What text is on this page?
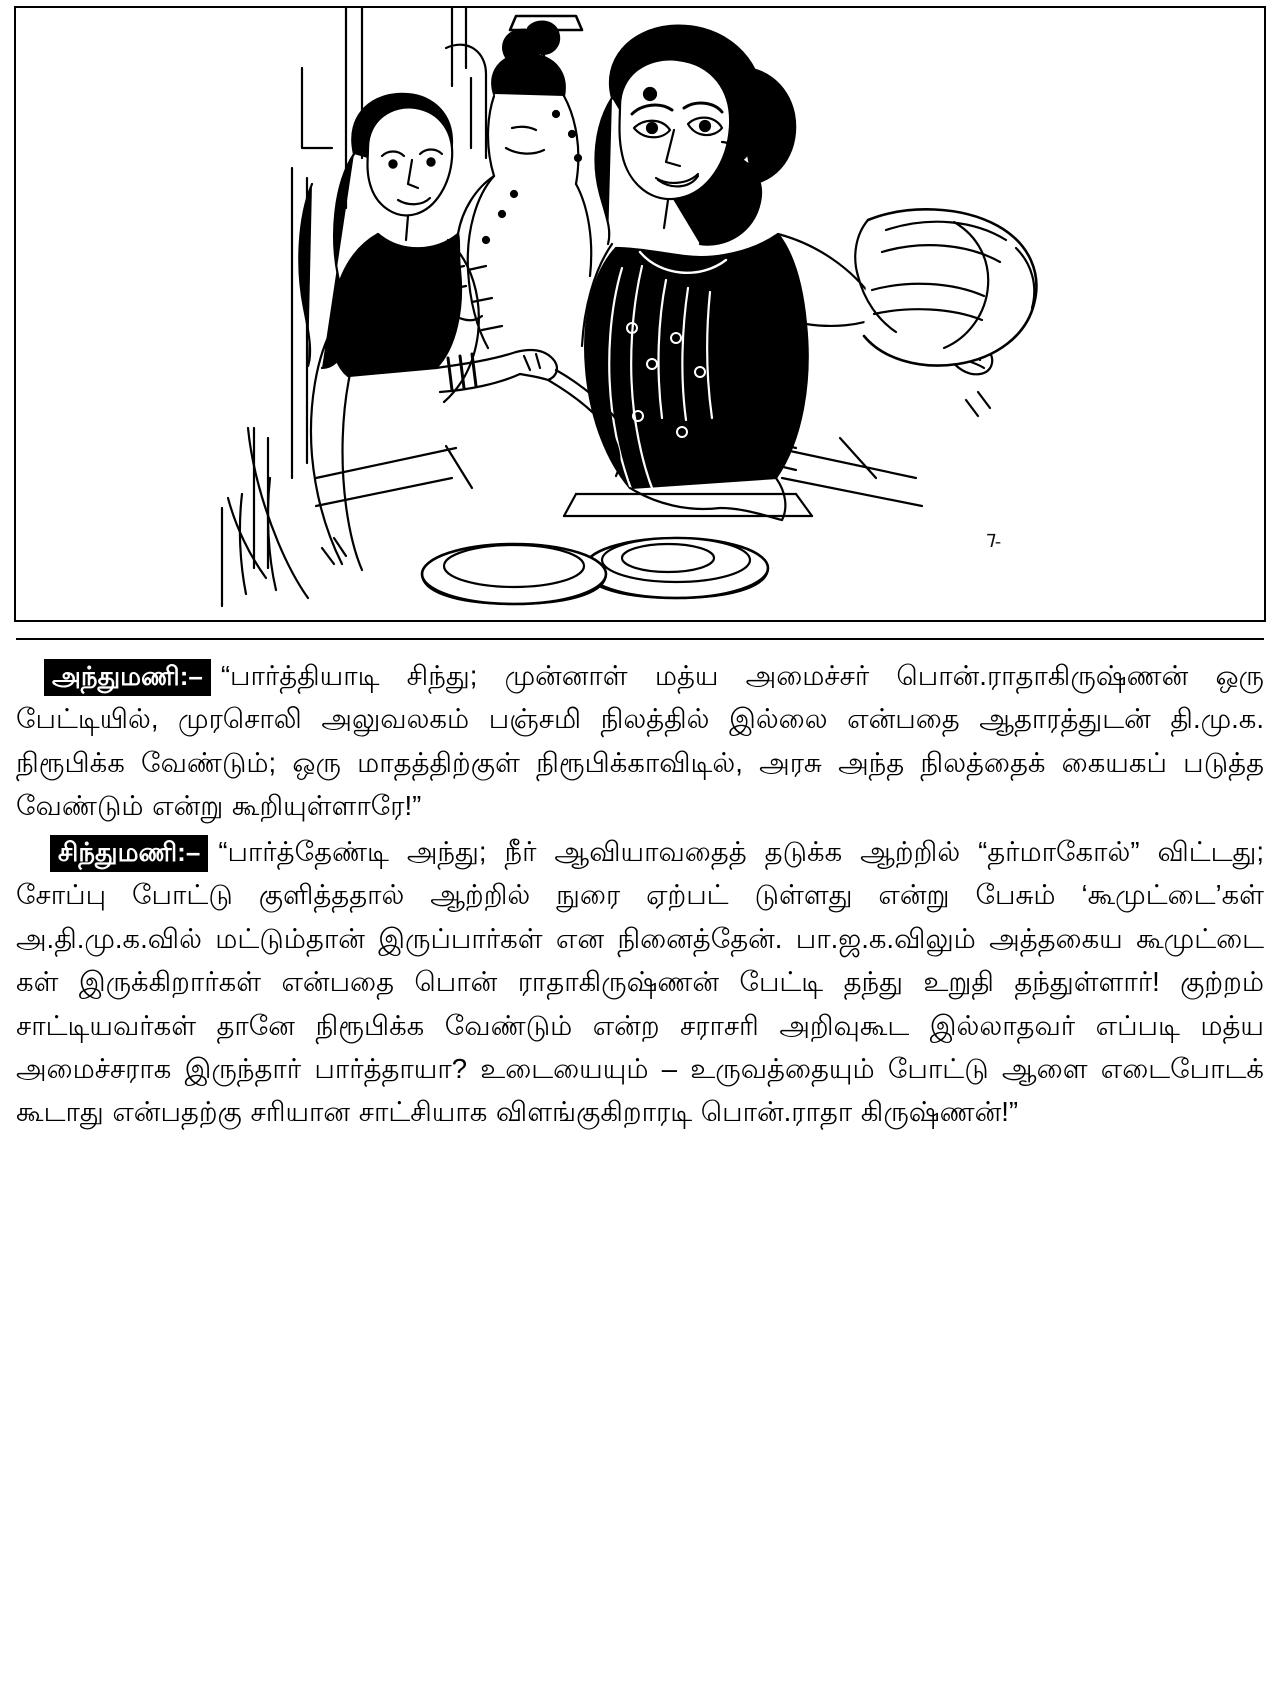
ᒣ-

அந்துமணி:– “பார்த்தியாடி சிந்து; முன்னாள் மத்ய அமைச்சர் பொன்.ராதாகிருஷ்ணன் ஒரு பேட்டியில், முரசொலி அலுவலகம் பஞ்சமி நிலத்தில் இல்லை என்பதை ஆதாரத்துடன் தி.மு.க. நிரூபிக்க வேண்டும்; ஒரு மாதத்திற்குள் நிரூபிக்காவிடில், அரசு அந்த நிலத்தைக் கையகப் படுத்த வேண்டும் என்று கூறியுள்ளாரே!”

சிந்துமணி:– “பார்த்தேண்டி அந்து; நீர் ஆவியாவதைத் தடுக்க ஆற்றில் “தர்மாகோல்” விட்டது; சோப்பு போட்டு குளித்ததால் ஆற்றில் நுரை ஏற்பட் டுள்ளது என்று பேசும் ‘கூமுட்டை’கள் அ.தி.மு.க.வில் மட்டும்தான் இருப்பார்கள் என நினைத்தேன். பா.ஜ.க.விலும் அத்தகைய கூமுட்டை கள் இருக்கிறார்கள் என்பதை பொன் ராதாகிருஷ்ணன் பேட்டி தந்து உறுதி தந்துள்ளார்! குற்றம் சாட்டியவர்கள் தானே நிரூபிக்க வேண்டும் என்ற சராசரி அறிவுகூட இல்லாதவர் எப்படி மத்ய அமைச்சராக இருந்தார் பார்த்தாயா? உடையையும் – உருவத்தையும் போட்டு ஆளை எடைபோடக் கூடாது என்பதற்கு சரியான சாட்சியாக விளங்குகிறாரடி பொன்.ராதா கிருஷ்ணன்!”
